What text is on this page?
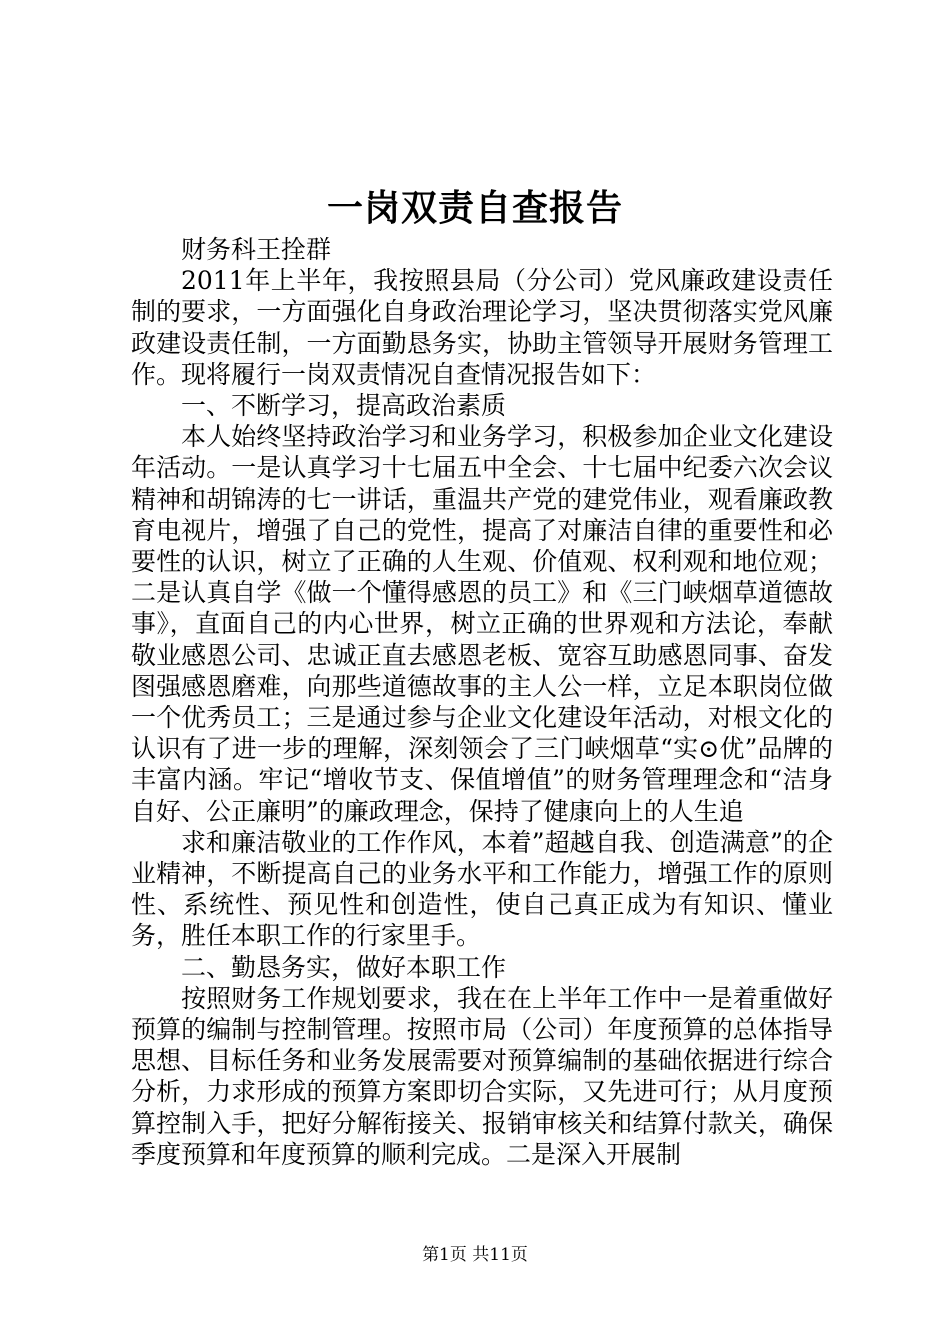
一岗双责自查报告

财务科王拴群

2011年上半年，我按照县局（分公司）党风廉政建设责任制的要求，一方面强化自身政治理论学习，坚决贯彻落实党风廉政建设责任制，一方面勤恳务实，协助主管领导开展财务管理工作。现将履行一岗双责情况自查情况报告如下：

一、不断学习，提高政治素质

本人始终坚持政治学习和业务学习，积极参加企业文化建设年活动。一是认真学习十七届五中全会、十七届中纪委六次会议精神和胡锦涛的七一讲话，重温共产党的建党伟业，观看廉政教育电视片，增强了自己的党性，提高了对廉洁自律的重要性和必要性的认识，树立了正确的人生观、价值观、权利观和地位观；二是认真自学《做一个懂得感恩的员工》和《三门峡烟草道德故事》，直面自己的内心世界，树立正确的世界观和方法论，奉献敬业感恩公司、忠诚正直去感恩老板、宽容互助感恩同事、奋发图强感恩磨难，向那些道德故事的主人公一样，立足本职岗位做一个优秀员工；三是通过参与企业文化建设年活动，对根文化的认识有了进一步的理解，深刻领会了三门峡烟草“实⊙优”品牌的丰富内涵。牢记“增收节支、保值增值”的财务管理理念和“洁身自好、公正廉明”的廉政理念，保持了健康向上的人生追

求和廉洁敬业的工作作风，本着”超越自我、创造满意”的企业精神，不断提高自己的业务水平和工作能力，增强工作的原则性、系统性、预见性和创造性，使自己真正成为有知识、懂业务，胜任本职工作的行家里手。

二、勤恳务实，做好本职工作

按照财务工作规划要求，我在在上半年工作中一是着重做好预算的编制与控制管理。按照市局（公司）年度预算的总体指导思想、目标任务和业务发展需要对预算编制的基础依据进行综合分析，力求形成的预算方案即切合实际，又先进可行；从月度预算控制入手，把好分解衔接关、报销审核关和结算付款关，确保季度预算和年度预算的顺利完成。二是深入开展制

第1页 共11页
